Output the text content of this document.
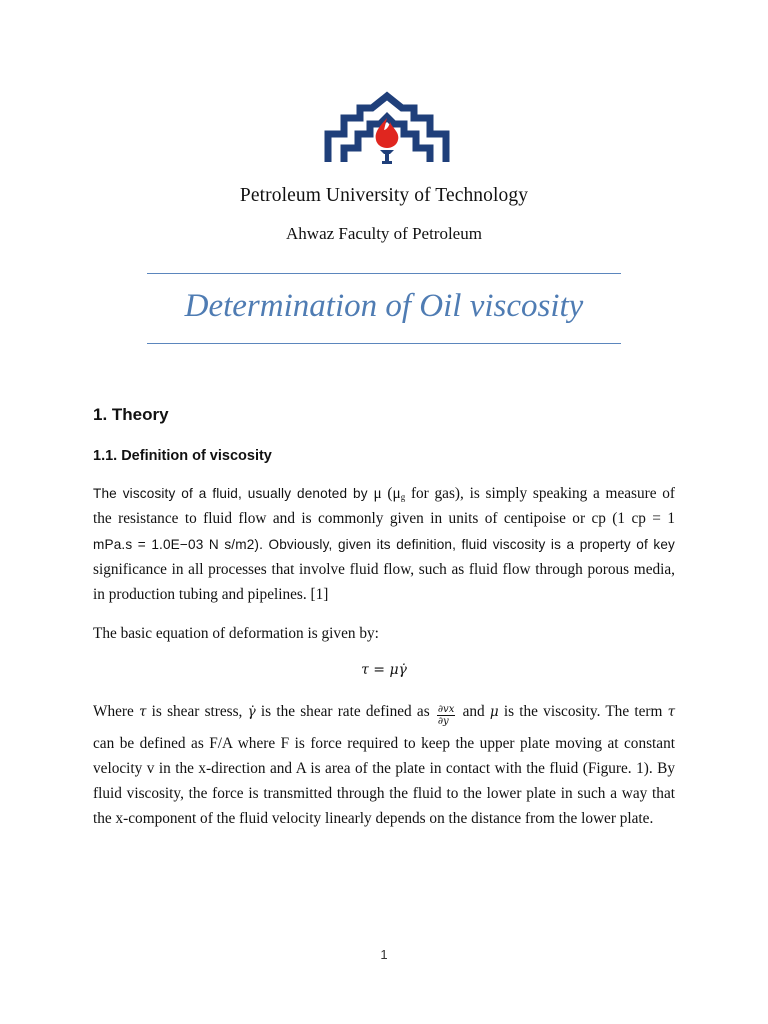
Petroleum University of Technology
Ahwaz Faculty of Petroleum
Determination of Oil viscosity
1. Theory
1.1. Definition of viscosity
The viscosity of a fluid, usually denoted by μ ($\mu_g$ for gas), is simply speaking a measure of
the resistance to fluid flow and is commonly given in units of centipoise or cp (1 cp = 1
mPa.s = 1.0E−03 N s/m2). Obviously, given its definition, fluid viscosity is a property of key
significance in all processes that involve fluid flow, such as fluid flow through porous media,
in production tubing and pipelines. [1]
The basic equation of deformation is given by:
τ = μγ̇
Where τ is shear stress, γ̇ is the shear rate defined as $\frac{\partial vx}{\partial y}$ and μ is the viscosity. The term τ
can be defined as F/A where F is force required to keep the upper plate moving at constant
velocity v in the x-direction and A is area of the plate in contact with the fluid (Figure. 1). By
fluid viscosity, the force is transmitted through the fluid to the lower plate in such a way that
the x-component of the fluid velocity linearly depends on the distance from the lower plate.
1
